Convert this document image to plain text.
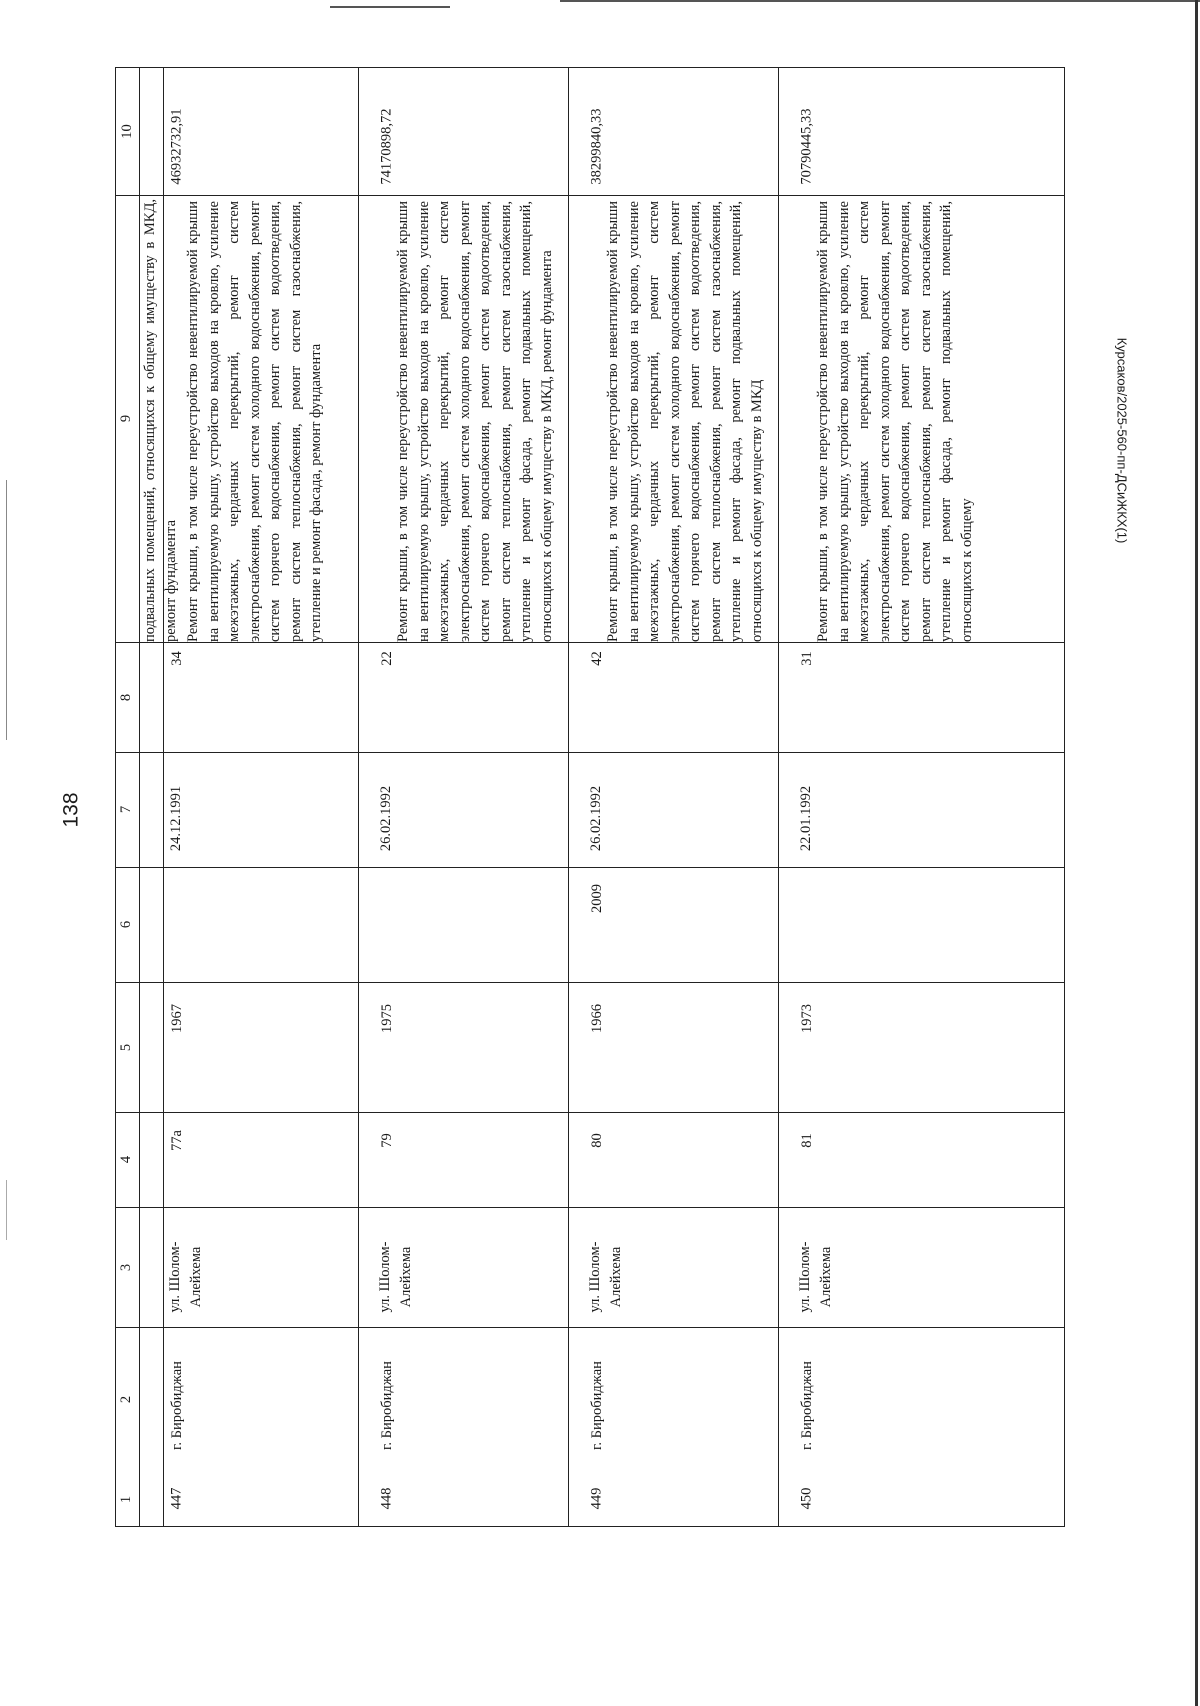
138
Курсаков/2025-560-пп-ДСиЖКХ(1)
10
9
8
7
6
5
4
3
2
1
подвальных помещений, относящихся к общему имуществу в МКД, ремонт фундамента
447
г. Биробиджан
ул. Шолом-Алейхема
77а
1967
24.12.1991
34
Ремонт крыши, в том числе переустройство невентилируемой крыши на вентилируемую крышу, устройство выходов на кровлю, усиление межэтажных, чердачных перекрытий, ремонт систем электроснабжения, ремонт систем холодного водоснабжения, ремонт систем горячего водоснабжения, ремонт систем водоотведения, ремонт систем теплоснабжения, ремонт систем газоснабжения, утепление и ремонт фасада, ремонт фундамента
46932732,91
448
г. Биробиджан
ул. Шолом-Алейхема
79
1975
26.02.1992
22
Ремонт крыши, в том числе переустройство невентилируемой крыши на вентилируемую крышу, устройство выходов на кровлю, усиление межэтажных, чердачных перекрытий, ремонт систем электроснабжения, ремонт систем холодного водоснабжения, ремонт систем горячего водоснабжения, ремонт систем водоотведения, ремонт систем теплоснабжения, ремонт систем газоснабжения, утепление и ремонт фасада, ремонт подвальных помещений, относящихся к общему имуществу в МКД, ремонт фундамента
74170898,72
449
г. Биробиджан
ул. Шолом-Алейхема
80
1966
2009
26.02.1992
42
Ремонт крыши, в том числе переустройство невентилируемой крыши на вентилируемую крышу, устройство выходов на кровлю, усиление межэтажных, чердачных перекрытий, ремонт систем электроснабжения, ремонт систем холодного водоснабжения, ремонт систем горячего водоснабжения, ремонт систем водоотведения, ремонт систем теплоснабжения, ремонт систем газоснабжения, утепление и ремонт фасада, ремонт подвальных помещений, относящихся к общему имуществу в МКД
38299840,33
450
г. Биробиджан
ул. Шолом-Алейхема
81
1973
22.01.1992
31
Ремонт крыши, в том числе переустройство невентилируемой крыши на вентилируемую крышу, устройство выходов на кровлю, усиление межэтажных, чердачных перекрытий, ремонт систем электроснабжения, ремонт систем холодного водоснабжения, ремонт систем горячего водоснабжения, ремонт систем водоотведения, ремонт систем теплоснабжения, ремонт систем газоснабжения, утепление и ремонт фасада, ремонт подвальных помещений, относящихся к общему
70790445,33
